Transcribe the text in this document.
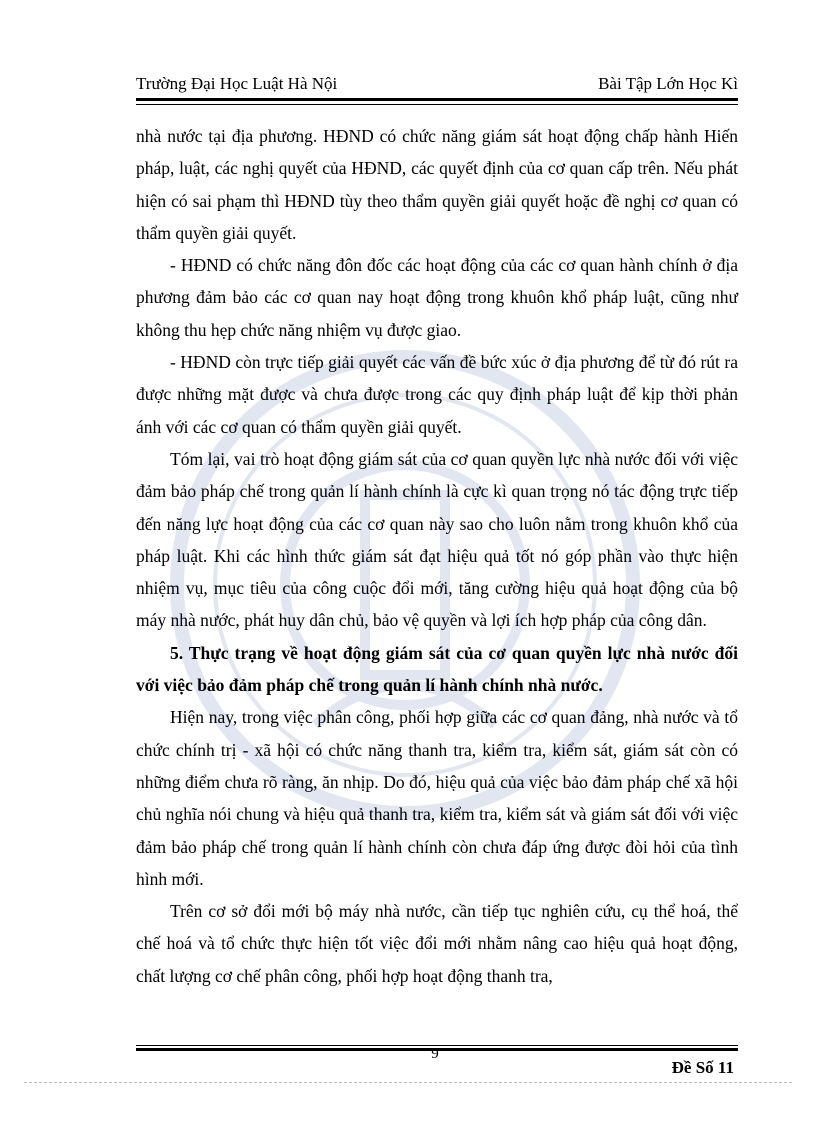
Trường Đại Học Luật Hà Nội	Bài Tập Lớn Học Kì

nhà nước tại địa phương. HĐND có chức năng giám sát hoạt động chấp hành Hiến pháp, luật, các nghị quyết của HĐND, các quyết định của cơ quan cấp trên. Nếu phát hiện có sai phạm thì HĐND tùy theo thẩm quyền giải quyết hoặc đề nghị cơ quan có thẩm quyền giải quyết.

- HĐND có chức năng đôn đốc các hoạt động của các cơ quan hành chính ở địa phương đảm bảo các cơ quan nay hoạt động trong khuôn khổ pháp luật, cũng như không thu hẹp chức năng nhiệm vụ được giao.

- HĐND còn trực tiếp giải quyết các vấn đề bức xúc ở địa phương để từ đó rút ra được những mặt được và chưa được trong các quy định pháp luật để kịp thời phản ánh với các cơ quan có thẩm quyền giải quyết.

Tóm lại, vai trò hoạt động giám sát của cơ quan quyền lực nhà nước đối với việc đảm bảo pháp chế trong quản lí hành chính là cực kì quan trọng nó tác động trực tiếp đến năng lực hoạt động của các cơ quan này sao cho luôn nằm trong khuôn khổ của pháp luật. Khi các hình thức giám sát đạt hiệu quả tốt nó góp phần vào thực hiện nhiệm vụ, mục tiêu của công cuộc đổi mới, tăng cường hiệu quả hoạt động của bộ máy nhà nước, phát huy dân chủ, bảo vệ quyền và lợi ích hợp pháp của công dân.

5. Thực trạng về hoạt động giám sát của cơ quan quyền lực nhà nước đối với việc bảo đảm pháp chế trong quản lí hành chính nhà nước.

Hiện nay, trong việc phân công, phối hợp giữa các cơ quan đảng, nhà nước và tổ chức chính trị - xã hội có chức năng thanh tra, kiểm tra, kiểm sát, giám sát còn có những điểm chưa rõ ràng, ăn nhịp. Do đó, hiệu quả của việc bảo đảm pháp chế xã hội chủ nghĩa nói chung và hiệu quả thanh tra, kiểm tra, kiểm sát và giám sát đối với việc đảm bảo pháp chế trong quản lí hành chính còn chưa đáp ứng được đòi hỏi của tình hình mới.

Trên cơ sở đổi mới bộ máy nhà nước, cần tiếp tục nghiên cứu, cụ thể hoá, thể chế hoá và tổ chức thực hiện tốt việc đổi mới nhằm nâng cao hiệu quả hoạt động, chất lượng cơ chế phân công, phối hợp hoạt động thanh tra,

9
Đề Số 11
